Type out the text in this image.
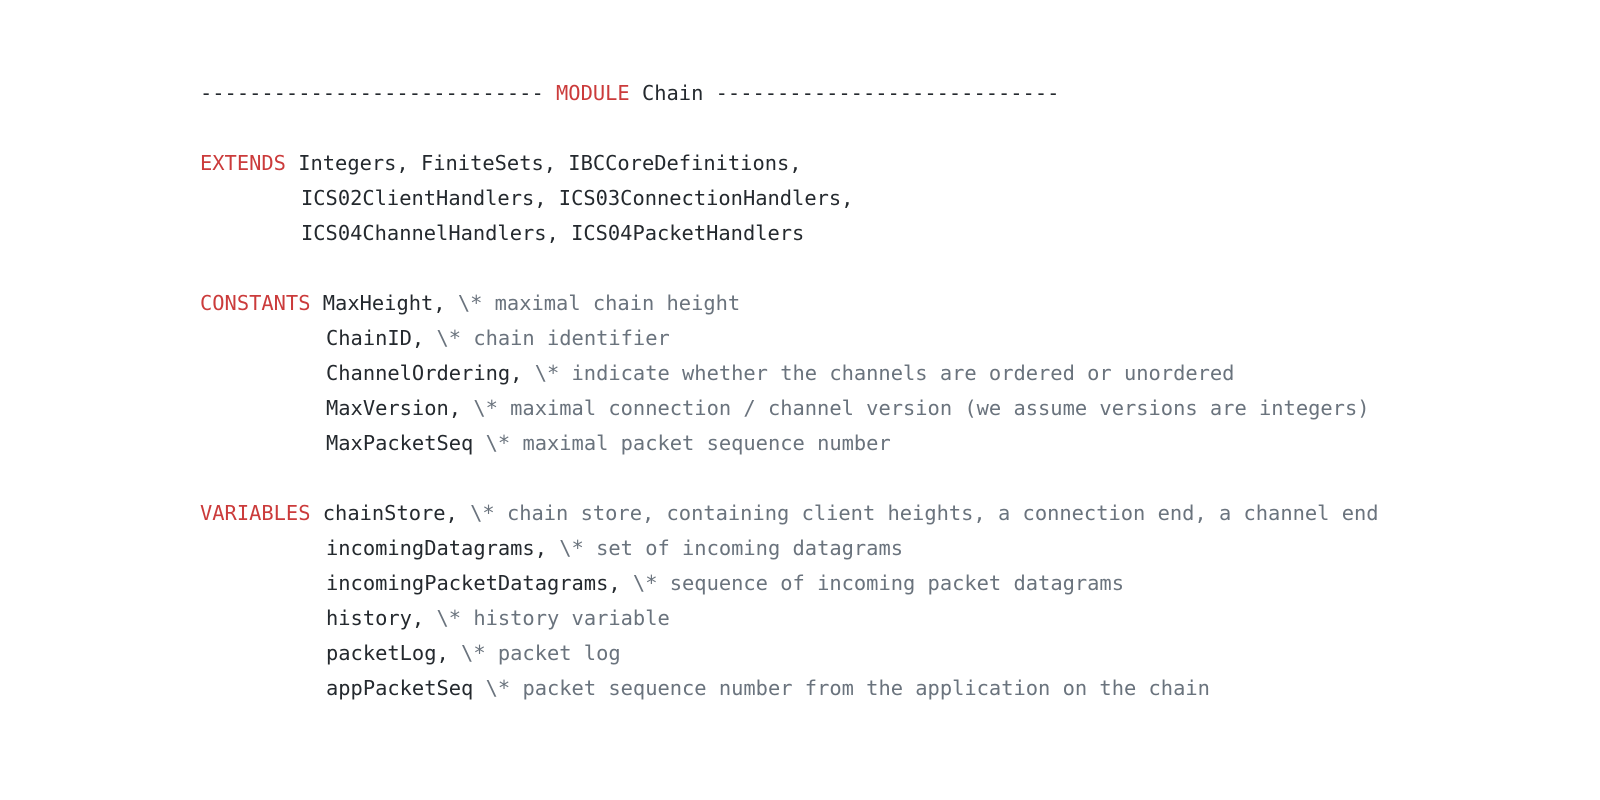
---------------------------- MODULE Chain ----------------------------
EXTENDS Integers, FiniteSets, IBCCoreDefinitions,
ICS02ClientHandlers, ICS03ConnectionHandlers,
ICS04ChannelHandlers, ICS04PacketHandlers
CONSTANTS MaxHeight, \* maximal chain height
ChainID, \* chain identifier
ChannelOrdering, \* indicate whether the channels are ordered or unordered
MaxVersion, \* maximal connection / channel version (we assume versions are integers)
MaxPacketSeq \* maximal packet sequence number
VARIABLES chainStore, \* chain store, containing client heights, a connection end, a channel end
incomingDatagrams, \* set of incoming datagrams
incomingPacketDatagrams, \* sequence of incoming packet datagrams
history, \* history variable
packetLog, \* packet log
appPacketSeq \* packet sequence number from the application on the chain
